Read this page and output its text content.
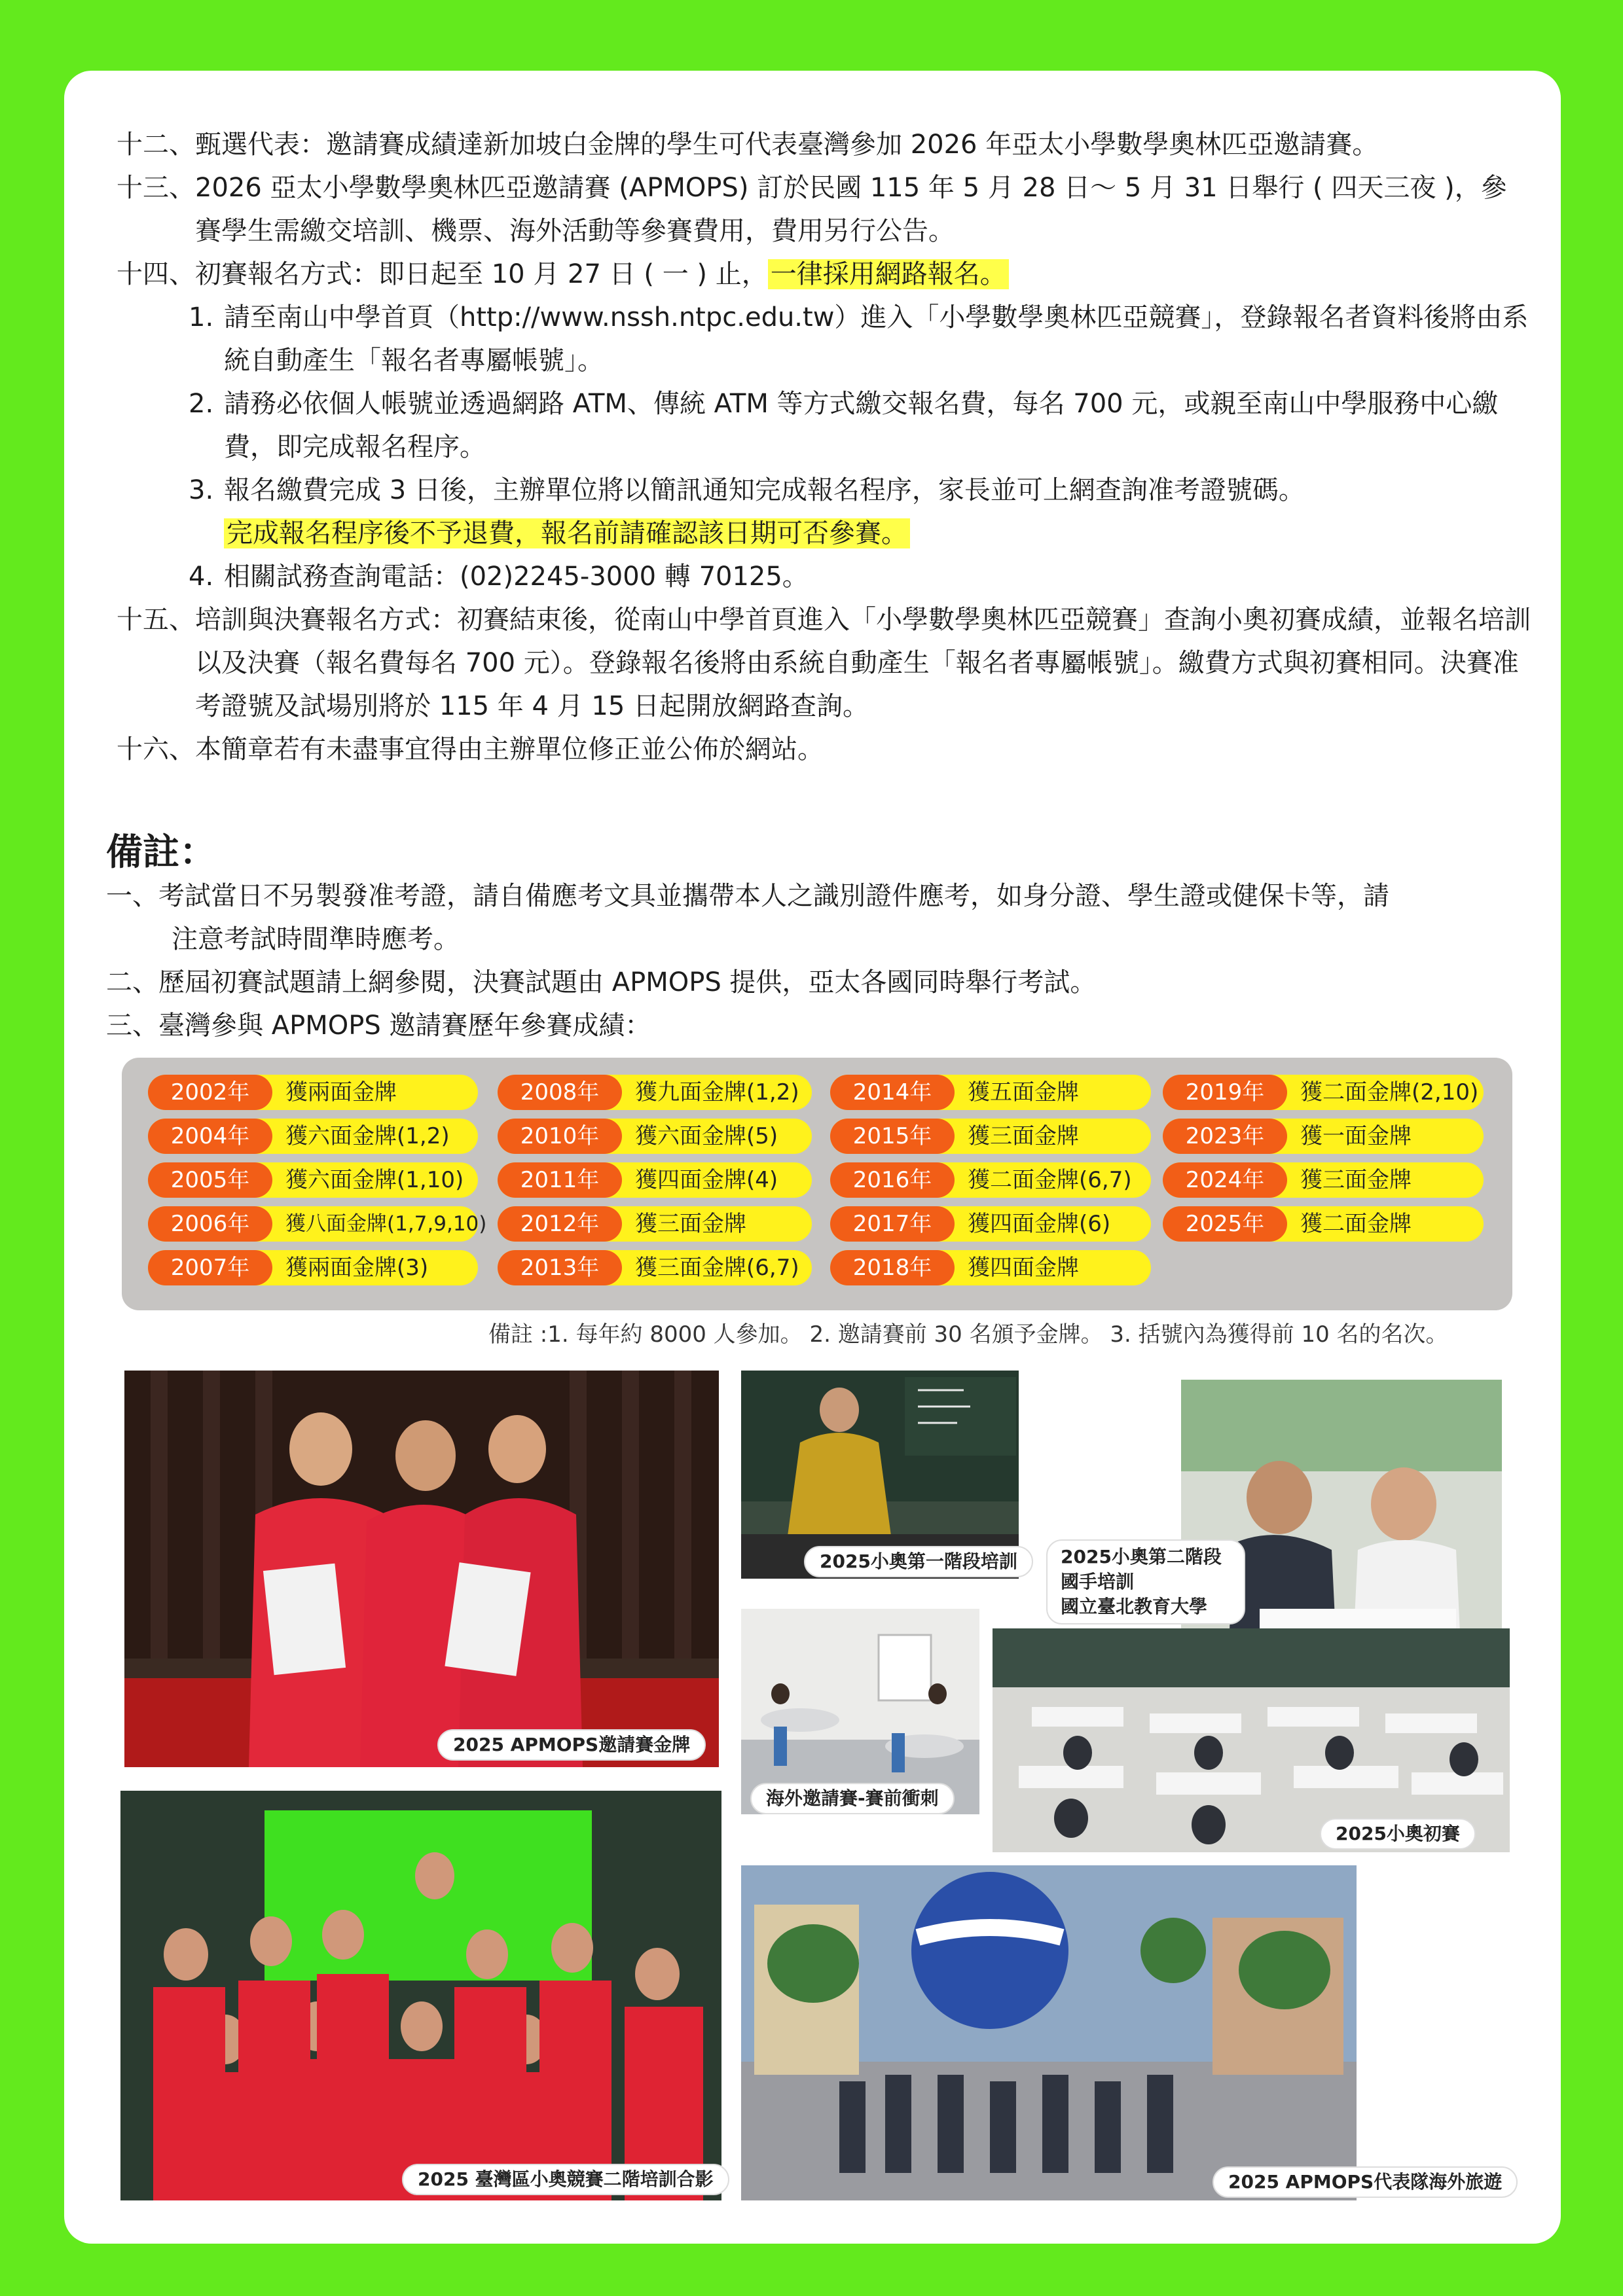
十二、 甄選代表：邀請賽成績達新加坡白金牌的學生可代表臺灣參加 2026 年亞太小學數學奧林匹亞邀請賽。
十三、 2026 亞太小學數學奧林匹亞邀請賽 (APMOPS) 訂於民國 115 年 5 月 28 日～ 5 月 31 日舉行 ( 四天三夜 )，參賽學生需繳交培訓、機票、海外活動等參賽費用，費用另行公告。
十四、 初賽報名方式：即日起至 10 月 27 日 ( 一 ) 止， 一律採用網路報名。
1. 請至南山中學首頁（http://www.nssh.ntpc.edu.tw）進入「小學數學奧林匹亞競賽」，登錄報名者資料後將由系統自動產生「報名者專屬帳號」。
2. 請務必依個人帳號並透過網路 ATM、傳統 ATM 等方式繳交報名費，每名 700 元，或親至南山中學服務中心繳費，即完成報名程序。
3. 報名繳費完成 3 日後，主辦單位將以簡訊通知完成報名程序，家長並可上網查詢准考證號碼。
完成報名程序後不予退費，報名前請確認該日期可否參賽。
4. 相關試務查詢電話：(02)2245-3000 轉 70125。
十五、 培訓與決賽報名方式：初賽結束後，從南山中學首頁進入「小學數學奧林匹亞競賽」查詢小奧初賽成績，並報名培訓以及決賽（報名費每名 700 元）。登錄報名後將由系統自動產生「報名者專屬帳號」。繳費方式與初賽相同。決賽准考證號及試場別將於 115 年 4 月 15 日起開放網路查詢。
十六、 本簡章若有未盡事宜得由主辦單位修正並公佈於網站。
備註：
一、 考試當日不另製發准考證，請自備應考文具並攜帶本人之識別證件應考，如身分證、學生證或健保卡等，請
注意考試時間準時應考。
二、 歷屆初賽試題請上網參閱，決賽試題由 APMOPS 提供，亞太各國同時舉行考試。
三、 臺灣參與 APMOPS 邀請賽歷年參賽成績：
2002年	獲兩面金牌
2004年	獲六面金牌(1,2)
2005年	獲六面金牌(1,10)
2006年	獲八面金牌(1,7,9,10)
2007年	獲兩面金牌(3)
2008年	獲九面金牌(1,2)
2010年	獲六面金牌(5)
2011年	獲四面金牌(4)
2012年	獲三面金牌
2013年	獲三面金牌(6,7)
2014年	獲五面金牌
2015年	獲三面金牌
2016年	獲二面金牌(6,7)
2017年	獲四面金牌(6)
2018年	獲四面金牌
2019年	獲二面金牌(2,10)
2023年	獲一面金牌
2024年	獲三面金牌
2025年	獲二面金牌
備註 :1. 每年約 8000 人參加。 2. 邀請賽前 30 名頒予金牌。 3. 括號內為獲得前 10 名的名次。
2025 APMOPS邀請賽金牌
2025小奧第一階段培訓	2025小奧第二階段國手培訓
國立臺北教育大學
海外邀請賽-賽前衝刺
2025小奧初賽
2025 臺灣區小奧競賽二階培訓合影	2025 APMOPS代表隊海外旅遊
